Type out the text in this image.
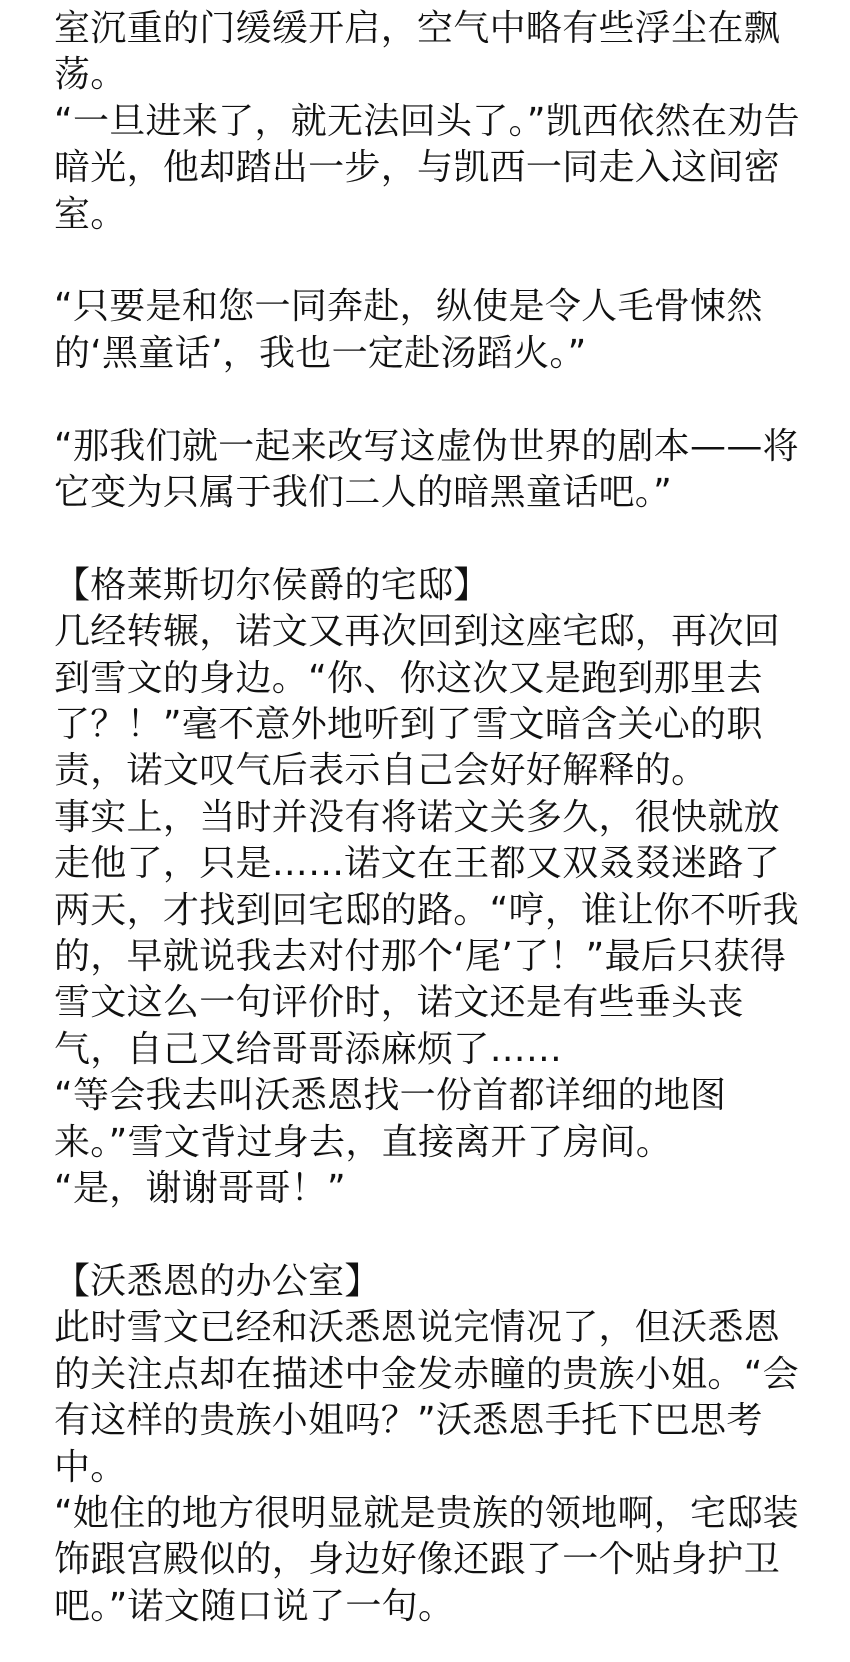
室沉重的门缓缓开启，空气中略有些浮尘在飘荡。

“一旦进来了，就无法回头了。”凯西依然在劝告暗光，他却踏出一步，与凯西一同走入这间密室。

“只要是和您一同奔赴，纵使是令人毛骨悚然的‘黑童话’，我也一定赴汤蹈火。”

“那我们就一起来改写这虚伪世界的剧本——将它变为只属于我们二人的暗黑童话吧。”

【格莱斯切尔侯爵的宅邸】

几经转辗，诺文又再次回到这座宅邸，再次回到雪文的身边。“你、你这次又是跑到那里去了？！”毫不意外地听到了雪文暗含关心的职责，诺文叹气后表示自己会好好解释的。

事实上，当时并没有将诺文关多久，很快就放走他了，只是……诺文在王都又双叒叕迷路了两天，才找到回宅邸的路。“哼，谁让你不听我的，早就说我去对付那个‘尾’了！”最后只获得雪文这么一句评价时，诺文还是有些垂头丧气，自己又给哥哥添麻烦了……

“等会我去叫沃悉恩找一份首都详细的地图来。”雪文背过身去，直接离开了房间。

“是，谢谢哥哥！”

【沃悉恩的办公室】

此时雪文已经和沃悉恩说完情况了，但沃悉恩的关注点却在描述中金发赤瞳的贵族小姐。“会有这样的贵族小姐吗？”沃悉恩手托下巴思考中。

“她住的地方很明显就是贵族的领地啊，宅邸装饰跟宫殿似的，身边好像还跟了一个贴身护卫吧。”诺文随口说了一句。
